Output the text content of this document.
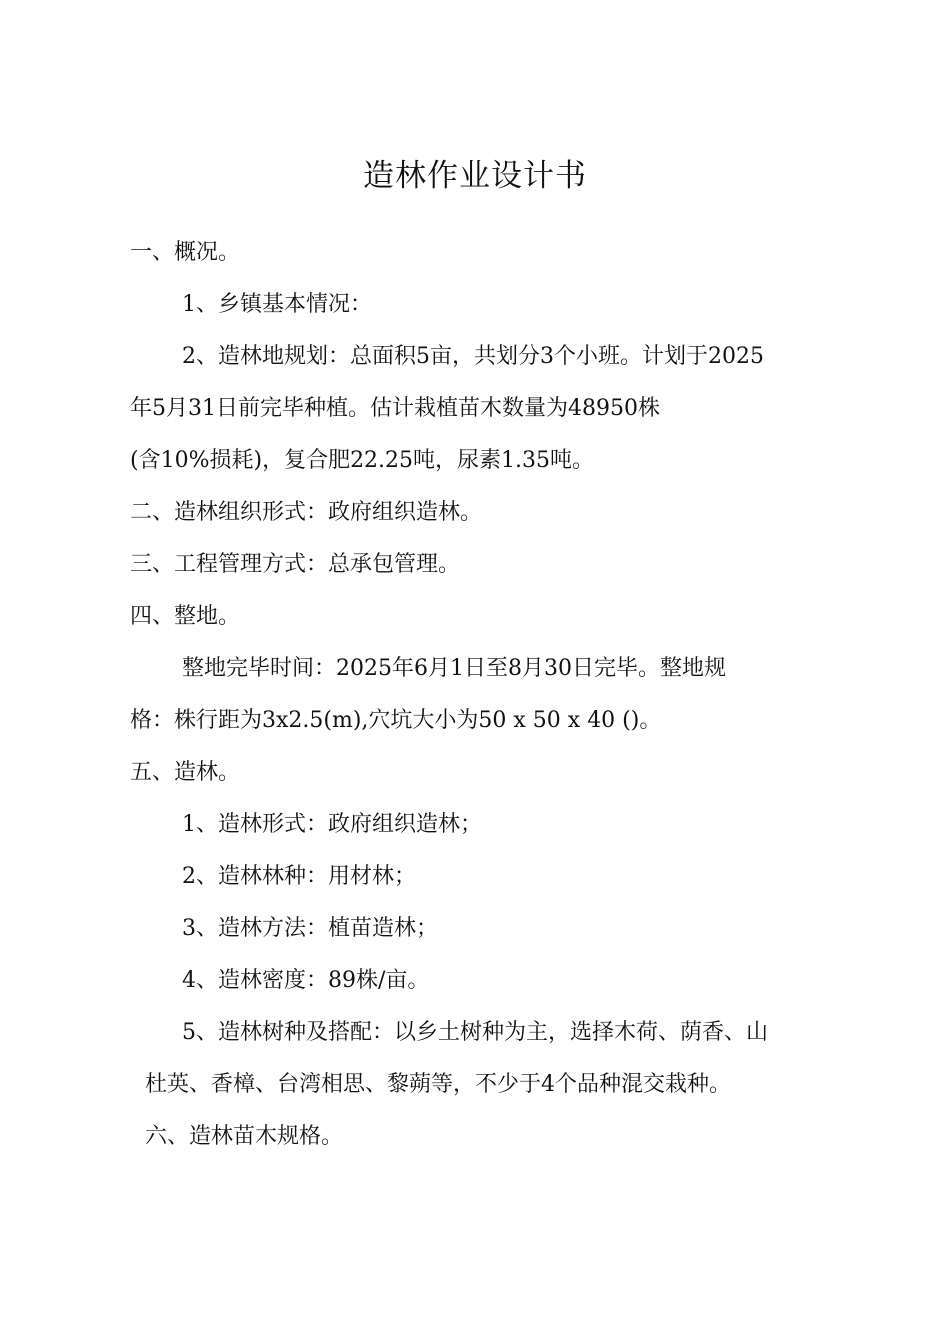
造林作业设计书
一、概况。
1、乡镇基本情况：
2、造林地规划：总面积5亩，共划分3个小班。计划于2025
年5月31日前完毕种植。估计栽植苗木数量为48950株
(含10%损耗)，复合肥22.25吨，尿素1.35吨。
二、造林组织形式：政府组织造林。
三、工程管理方式：总承包管理。
四、整地。
整地完毕时间：2025年6月1日至8月30日完毕。整地规
格：株行距为3x2.5(m),穴坑大小为50 x 50 x 40 ()。
五、造林。
1、造林形式：政府组织造林；
2、造林林种：用材林；
3、造林方法：植苗造林；
4、造林密度：89株/亩。
5、造林树种及搭配：以乡土树种为主，选择木荷、荫香、山
杜英、香樟、台湾相思、黎蒴等，不少于4个品种混交栽种。
六、造林苗木规格。
